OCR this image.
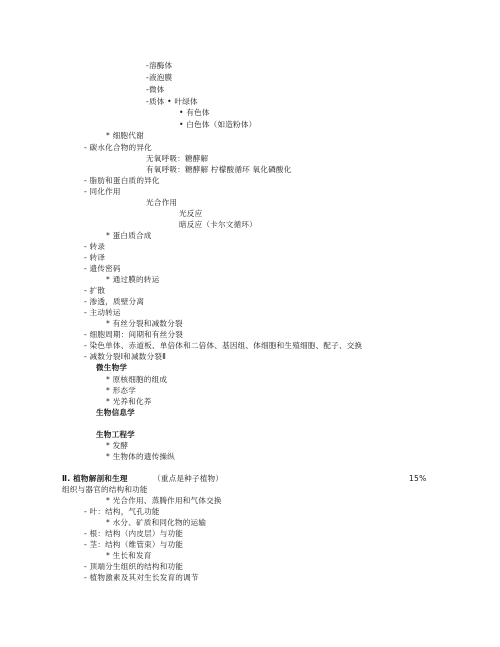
-溶酶体
-液泡膜
-微体
-质体 • 叶绿体
• 有色体
• 白色体（如造粉体）
* 细胞代谢
- 碳水化合物的异化
无氧呼吸：糖酵解
有氧呼吸：糖酵解 柠檬酸循环 氧化磷酸化
- 脂肪和蛋白质的异化
- 同化作用
光合作用
光反应
暗反应（卡尔文循环）
* 蛋白质合成
- 转录
- 转译
- 遗传密码
* 通过膜的转运
- 扩散
- 渗透，质壁分离
- 主动转运
* 有丝分裂和减数分裂
- 细胞周期：间期和有丝分裂
- 染色单体、赤道板、单倍体和二倍体、基因组、体细胞和生殖细胞、配子、交换
- 减数分裂Ⅰ和减数分裂Ⅱ
微生物学
* 原核细胞的组成
* 形态学
* 光养和化养
生物信息学
生物工程学
* 发酵
* 生物体的遗传操纵
Ⅱ. 植物解剖和生理	（重点是种子植物）	15%
组织与器官的结构和功能
* 光合作用、蒸腾作用和气体交换
- 叶：结构，气孔功能
* 水分、矿质和同化物的运输
- 根：结构（内皮层）与功能
- 茎：结构（维管束）与功能
* 生长和发育
- 顶端分生组织的结构和功能
- 植物激素及其对生长发育的调节
